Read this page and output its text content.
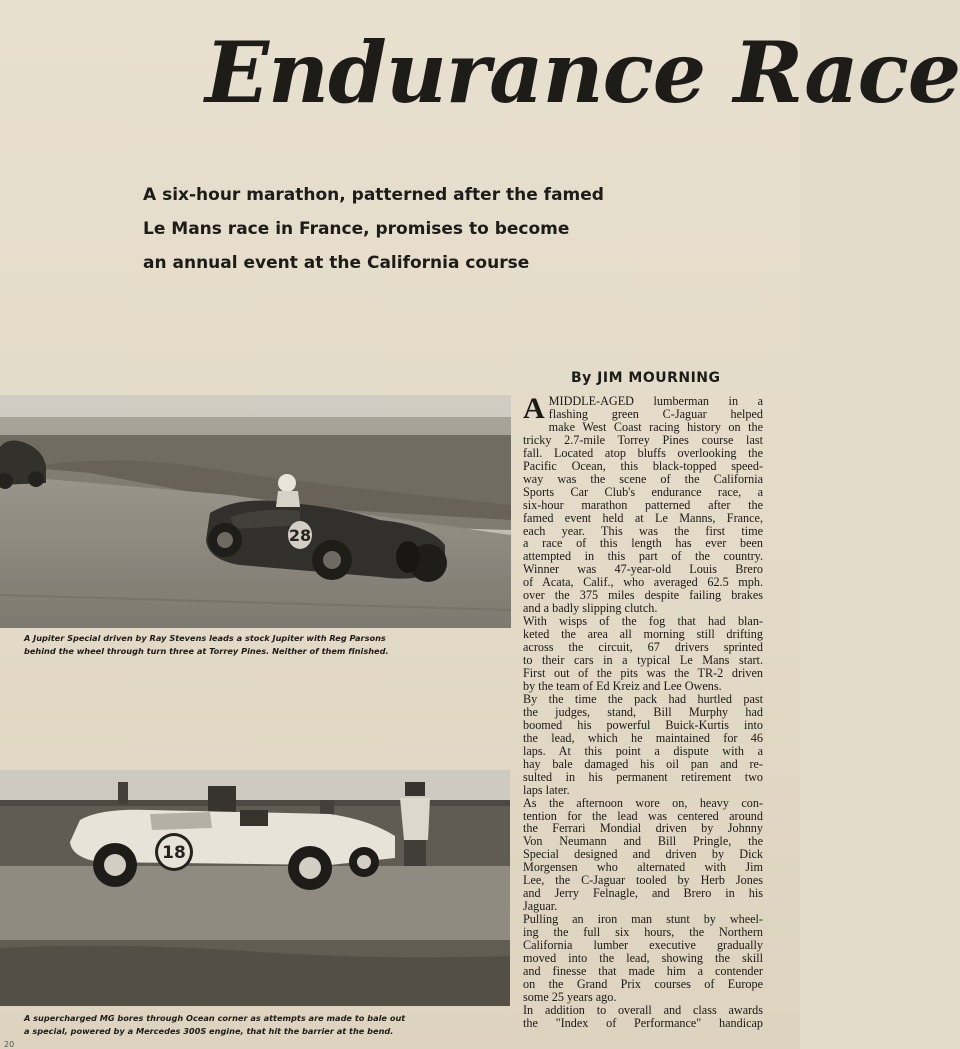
Endurance Race
A six-hour marathon, patterned after the famed
Le Mans race in France, promises to become
an annual event at the California course
By JIM MOURNING
28
A Jupiter Special driven by Ray Stevens leads a stock Jupiter with Reg Parsons
behind the wheel through turn three at Torrey Pines. Neither of them finished.
18
A supercharged MG bores through Ocean corner as attempts are made to bale out
a special, powered by a Mercedes 300S engine, that hit the barrier at the bend.
A MIDDLE-AGED lumberman in a
flashing green C-Jaguar helped
make West Coast racing history on the
tricky 2.7-mile Torrey Pines course last
fall. Located atop bluffs overlooking the
Pacific Ocean, this black-topped speed-
way was the scene of the California
Sports Car Club's endurance race, a
six-hour marathon patterned after the
famed event held at Le Manns, France,
each year. This was the first time
a race of this length has ever been
attempted in this part of the country.
Winner was 47-year-old Louis Brero
of Acata, Calif., who averaged 62.5 mph.
over the 375 miles despite failing brakes
and a badly slipping clutch.
With wisps of the fog that had blan-
keted the area all morning still drifting
across the circuit, 67 drivers sprinted
to their cars in a typical Le Mans start.
First out of the pits was the TR-2 driven
by the team of Ed Kreiz and Lee Owens.
By the time the pack had hurtled past
the judges, stand, Bill Murphy had
boomed his powerful Buick-Kurtis into
the lead, which he maintained for 46
laps. At this point a dispute with a
hay bale damaged his oil pan and re-
sulted in his permanent retirement two
laps later.
As the afternoon wore on, heavy con-
tention for the lead was centered around
the Ferrari Mondial driven by Johnny
Von Neumann and Bill Pringle, the
Special designed and driven by Dick
Morgensen who alternated with Jim
Lee, the C-Jaguar tooled by Herb Jones
and Jerry Felnagle, and Brero in his
Jaguar.
Pulling an iron man stunt by wheel-
ing the full six hours, the Northern
California lumber executive gradually
moved into the lead, showing the skill
and finesse that made him a contender
on the Grand Prix courses of Europe
some 25 years ago.
In addition to overall and class awards
the "Index of Performance" handicap
20
